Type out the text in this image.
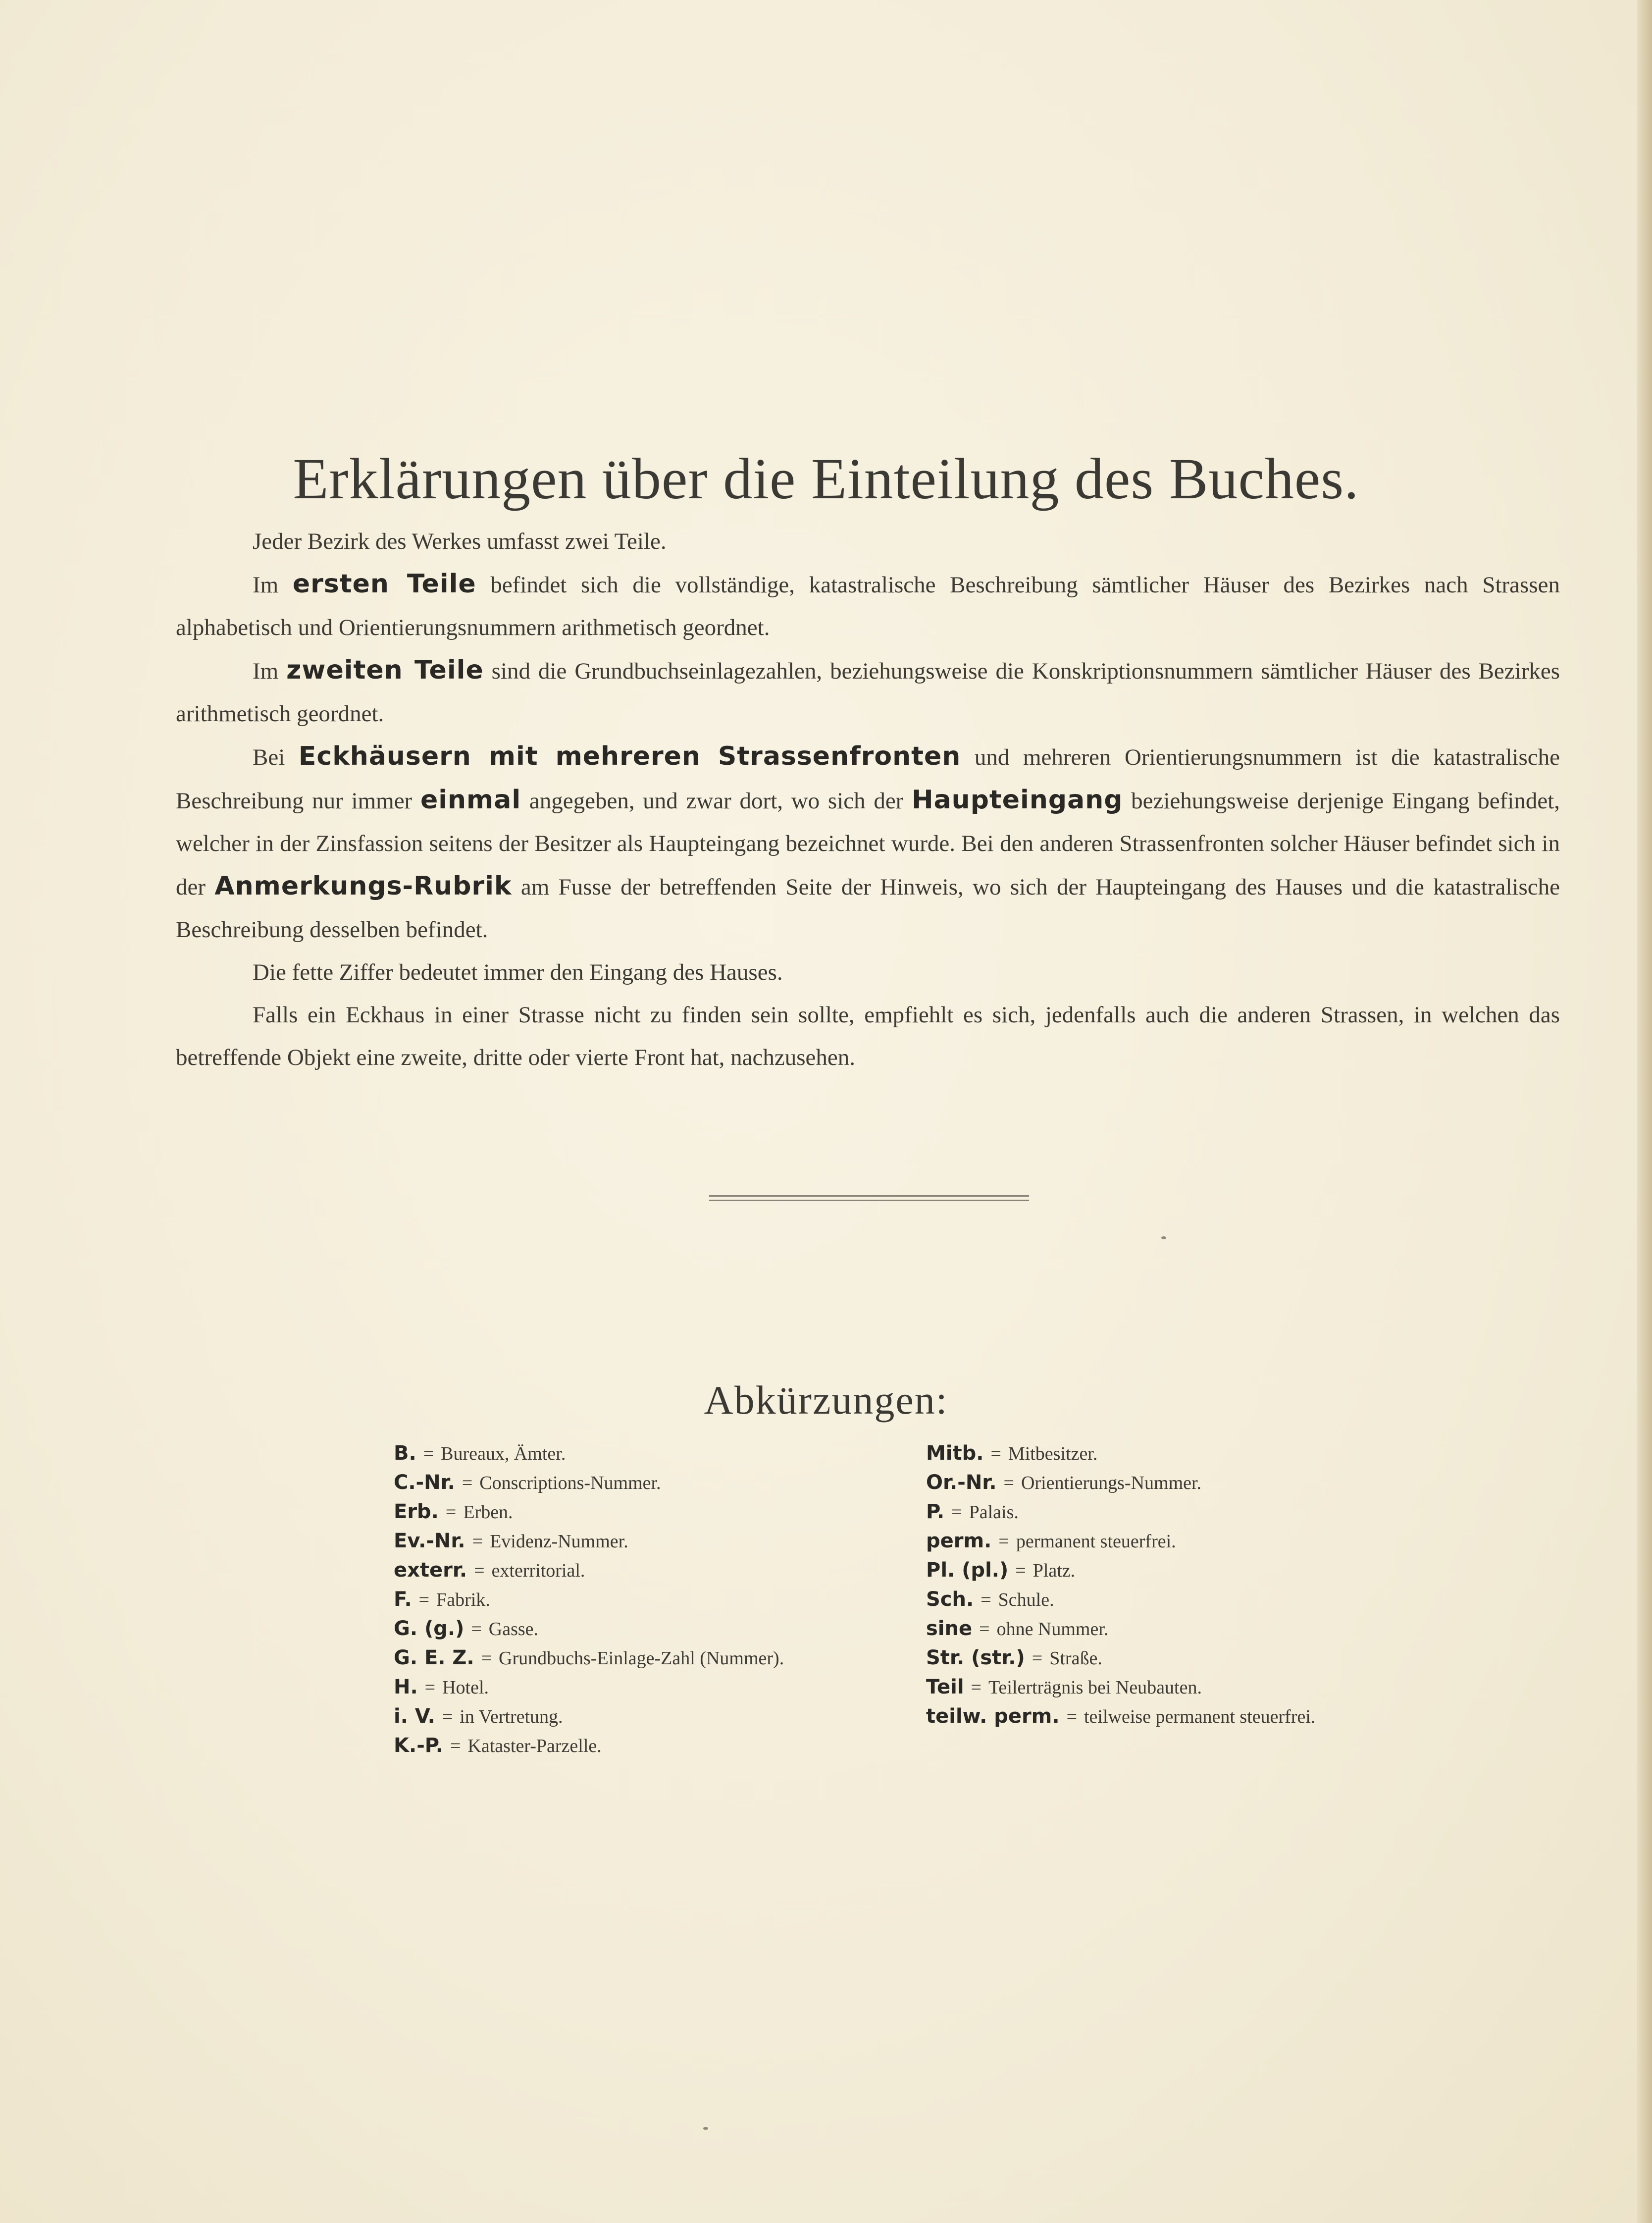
Erklärungen über die Einteilung des Buches.

Jeder Bezirk des Werkes umfasst zwei Teile.

Im ersten Teile befindet sich die vollständige, katastralische Beschreibung sämtlicher Häuser des Bezirkes nach Strassen alphabetisch und Orientierungsnummern arithmetisch geordnet.

Im zweiten Teile sind die Grundbuchseinlagezahlen, beziehungsweise die Konskriptionsnummern sämtlicher Häuser des Bezirkes arithmetisch geordnet.

Bei Eckhäusern mit mehreren Strassenfronten und mehreren Orientierungsnummern ist die katastralische Beschreibung nur immer einmal angegeben, und zwar dort, wo sich der Haupteingang beziehungsweise derjenige Eingang befindet, welcher in der Zinsfassion seitens der Besitzer als Haupteingang bezeichnet wurde. Bei den anderen Strassenfronten solcher Häuser befindet sich in der Anmerkungs-Rubrik am Fusse der betreffenden Seite der Hinweis, wo sich der Haupteingang des Hauses und die katastralische Beschreibung desselben befindet.

Die fette Ziffer bedeutet immer den Eingang des Hauses.

Falls ein Eckhaus in einer Strasse nicht zu finden sein sollte, empfiehlt es sich, jedenfalls auch die anderen Strassen, in welchen das betreffende Objekt eine zweite, dritte oder vierte Front hat, nachzusehen.

Abkürzungen:
B. = Bureaux, Ämter.
C.-Nr. = Conscriptions-Nummer.
Erb. = Erben.
Ev.-Nr. = Evidenz-Nummer.
exterr. = exterritorial.
F. = Fabrik.
G. (g.) = Gasse.
G. E. Z. = Grundbuchs-Einlage-Zahl (Nummer).
H. = Hotel.
i. V. = in Vertretung.
K.-P. = Kataster-Parzelle.
Mitb. = Mitbesitzer.
Or.-Nr. = Orientierungs-Nummer.
P. = Palais.
perm. = permanent steuerfrei.
Pl. (pl.) = Platz.
Sch. = Schule.
sine = ohne Nummer.
Str. (str.) = Straße.
Teil = Teilerträgnis bei Neubauten.
teilw. perm. = teilweise permanent steuerfrei.
